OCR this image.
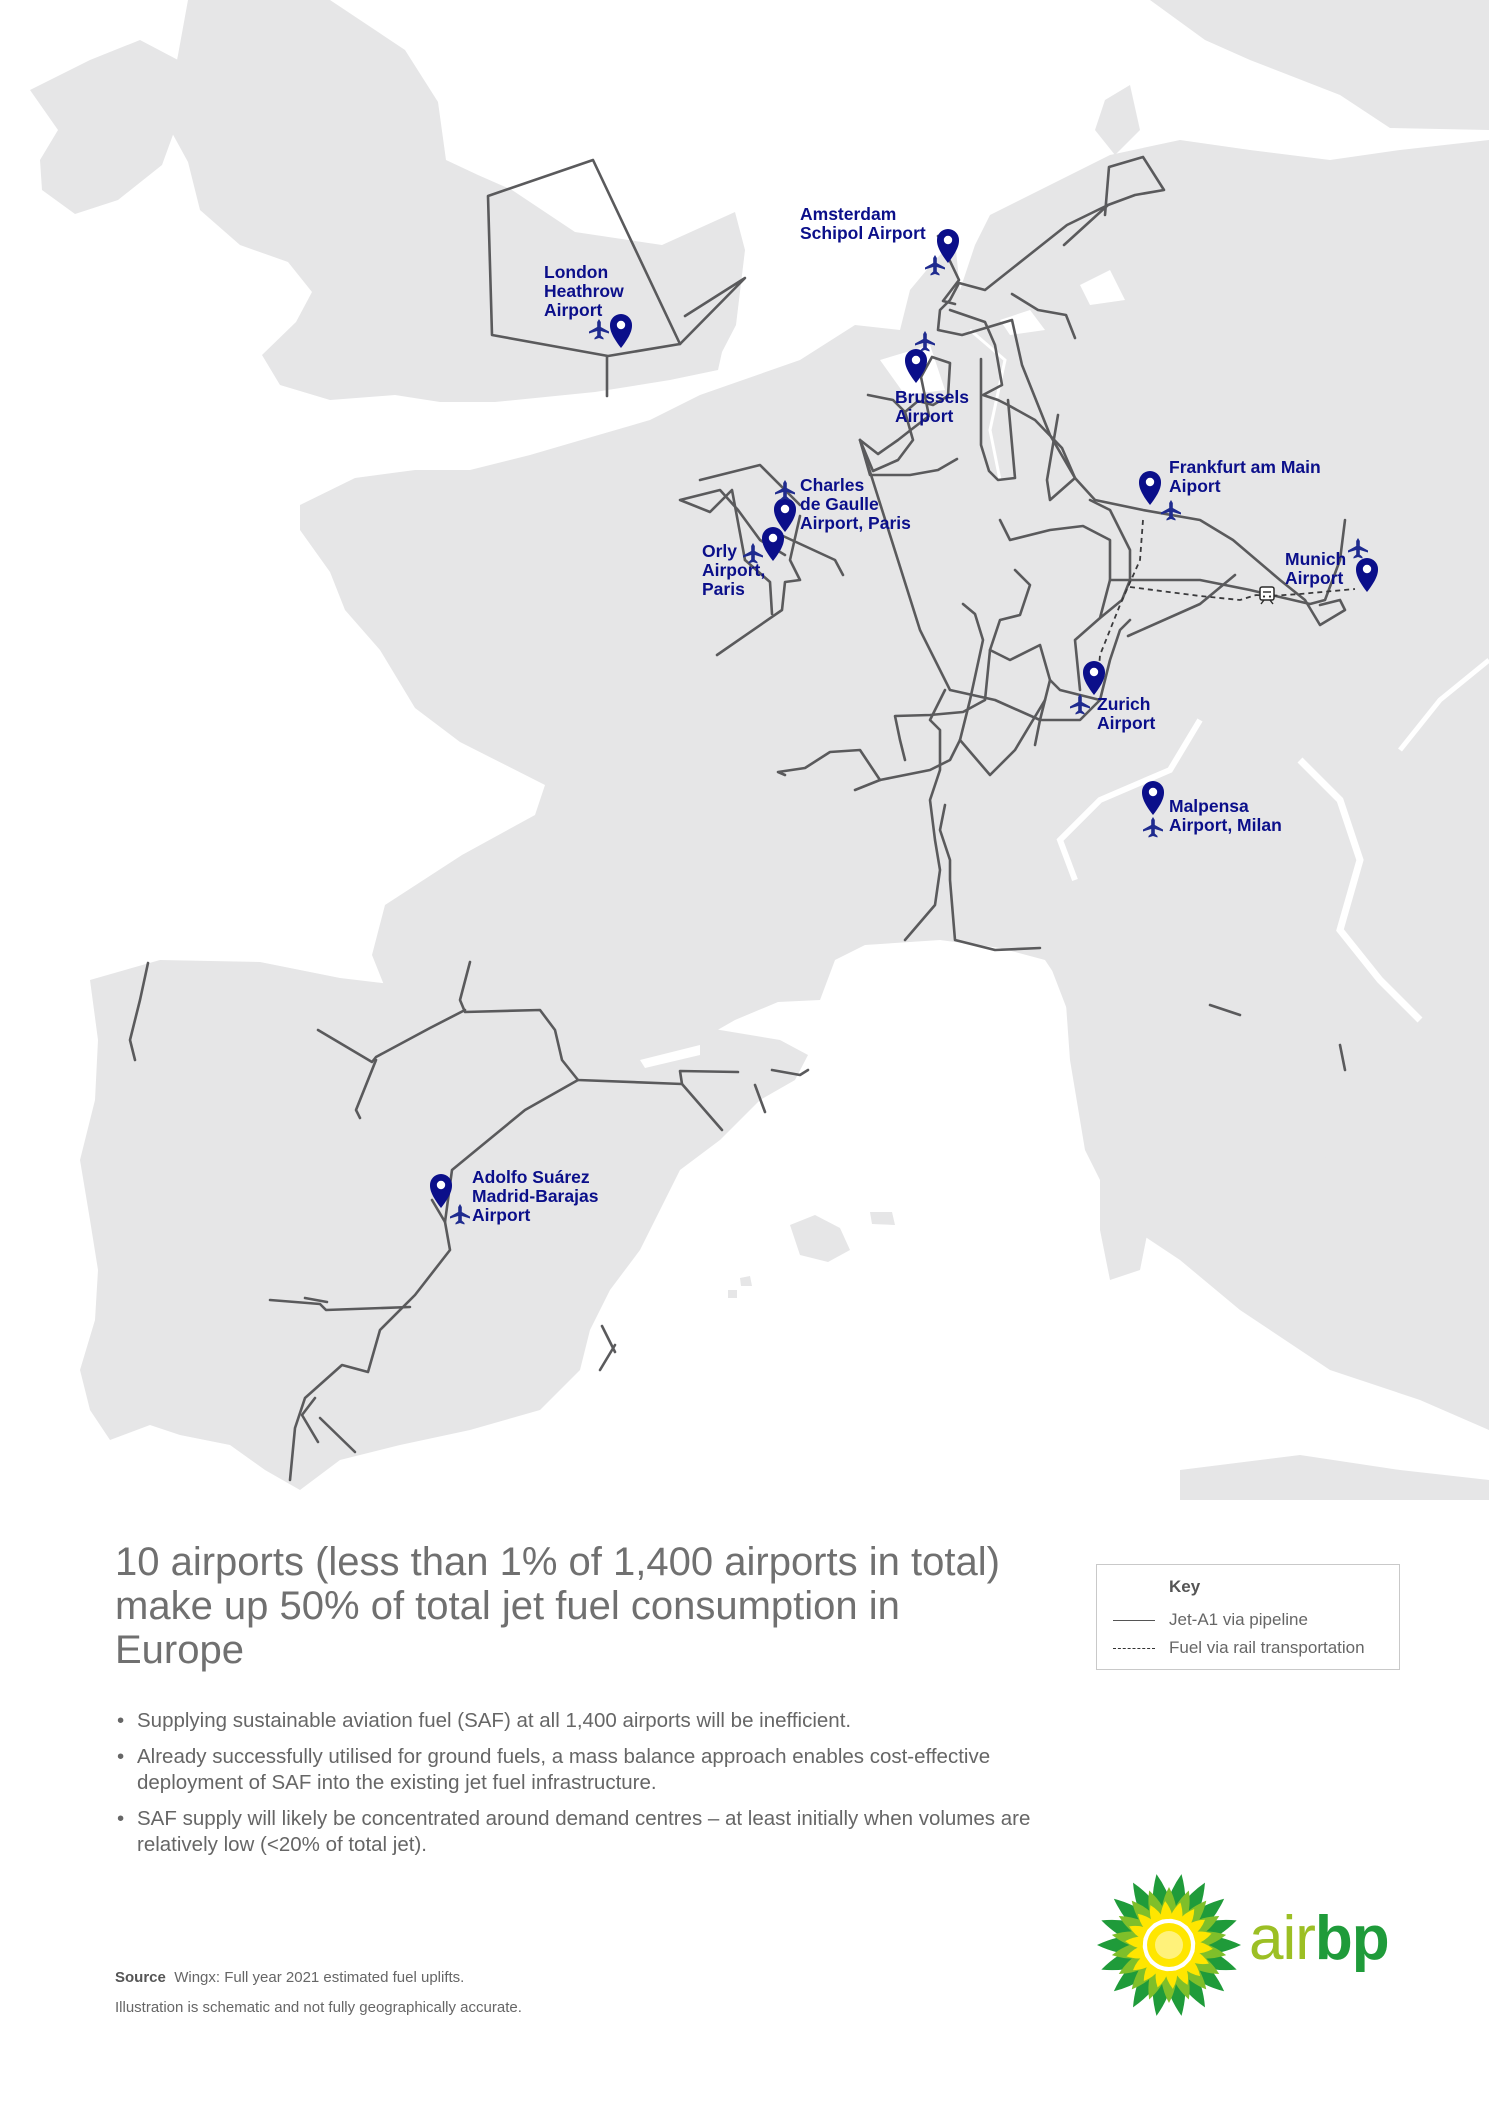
London Heathrow Airport
Amsterdam Schipol Airport
Brussels Airport
Charles de Gaulle Airport, Paris
Orly Airport, Paris
Frankfurt am Main Aiport
Munich Airport
Zurich Airport
Malpensa Airport, Milan
Adolfo Suárez Madrid-Barajas Airport
10 airports (less than 1% of 1,400 airports in total) make up 50% of total jet fuel consumption in Europe
• Supplying sustainable aviation fuel (SAF) at all 1,400 airports will be inefficient.
• Already successfully utilised for ground fuels, a mass balance approach enables cost-effective deployment of SAF into the existing jet fuel infrastructure.
• SAF supply will likely be concentrated around demand centres – at least initially when volumes are relatively low (<20% of total jet).
Key
Jet-A1 via pipeline
Fuel via rail transportation
Source Wingx: Full year 2021 estimated fuel uplifts.
Illustration is schematic and not fully geographically accurate.
airbp
